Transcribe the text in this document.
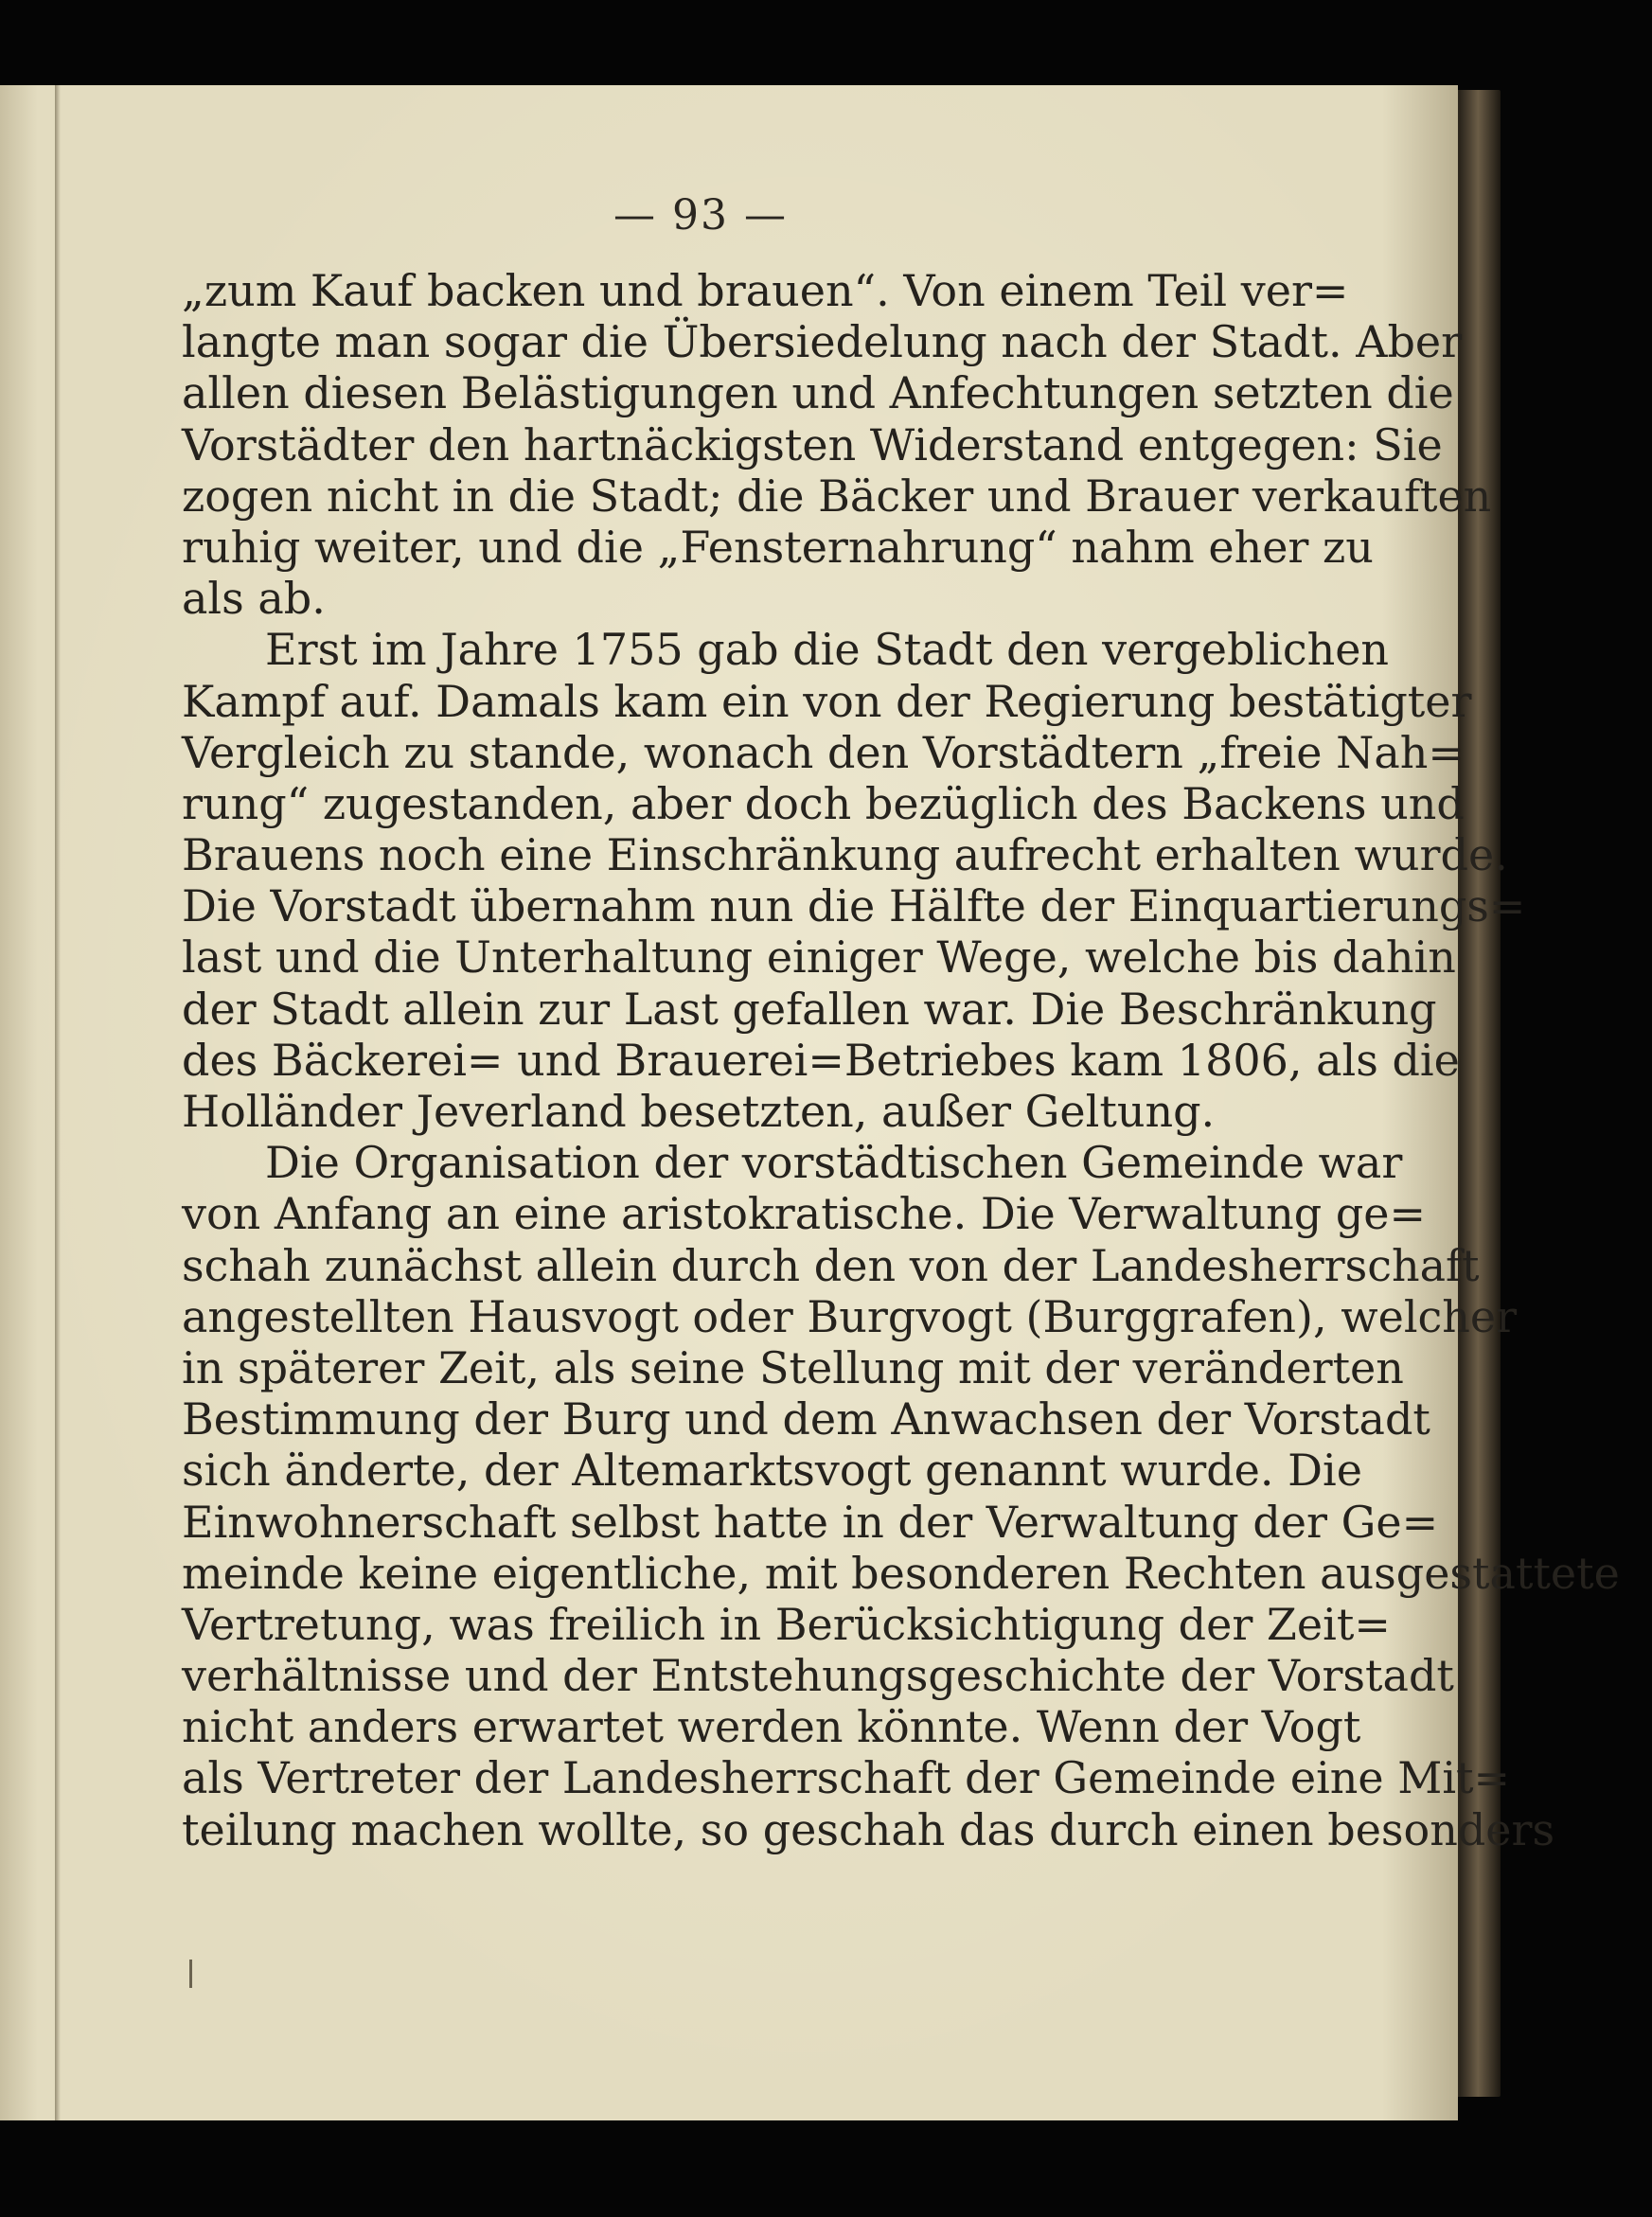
— 93 —
„zum Kauf backen und brauen“. Von einem Teil ver=
langte man sogar die Übersiedelung nach der Stadt. Aber
allen diesen Belästigungen und Anfechtungen setzten die
Vorstädter den hartnäckigsten Widerstand entgegen: Sie
zogen nicht in die Stadt; die Bäcker und Brauer verkauften
ruhig weiter, und die „Fensternahrung“ nahm eher zu
als ab.
Erst im Jahre 1755 gab die Stadt den vergeblichen
Kampf auf. Damals kam ein von der Regierung bestätigter
Vergleich zu stande, wonach den Vorstädtern „freie Nah=
rung“ zugestanden, aber doch bezüglich des Backens und
Brauens noch eine Einschränkung aufrecht erhalten wurde.
Die Vorstadt übernahm nun die Hälfte der Einquartierungs=
last und die Unterhaltung einiger Wege, welche bis dahin
der Stadt allein zur Last gefallen war. Die Beschränkung
des Bäckerei= und Brauerei=Betriebes kam 1806, als die
Holländer Jeverland besetzten, außer Geltung.
Die Organisation der vorstädtischen Gemeinde war
von Anfang an eine aristokratische. Die Verwaltung ge=
schah zunächst allein durch den von der Landesherrschaft
angestellten Hausvogt oder Burgvogt (Burggrafen), welcher
in späterer Zeit, als seine Stellung mit der veränderten
Bestimmung der Burg und dem Anwachsen der Vorstadt
sich änderte, der Altemarktsvogt genannt wurde. Die
Einwohnerschaft selbst hatte in der Verwaltung der Ge=
meinde keine eigentliche, mit besonderen Rechten ausgestattete
Vertretung, was freilich in Berücksichtigung der Zeit=
verhältnisse und der Entstehungsgeschichte der Vorstadt
nicht anders erwartet werden könnte. Wenn der Vogt
als Vertreter der Landesherrschaft der Gemeinde eine Mit=
teilung machen wollte, so geschah das durch einen besonders
